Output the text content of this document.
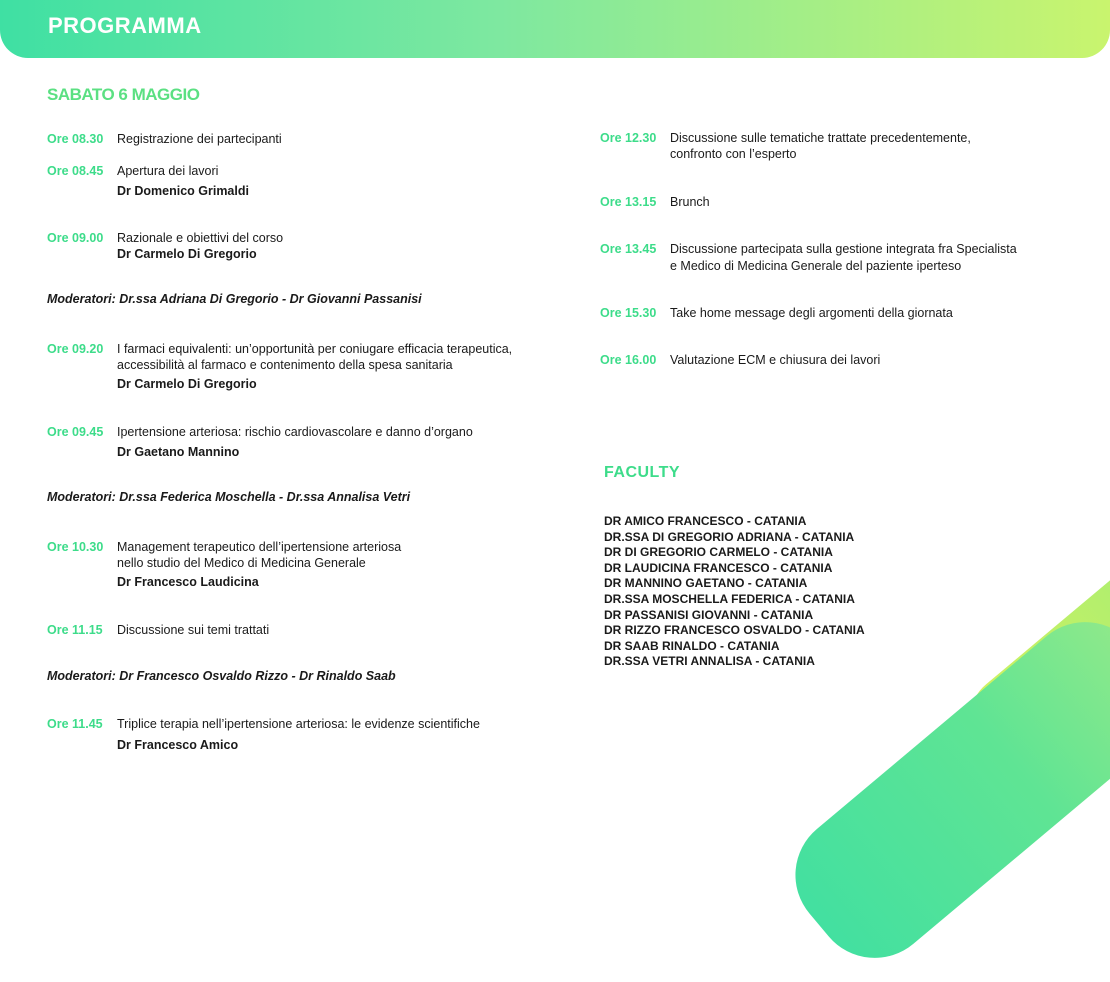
PROGRAMMA
SABATO 6 MAGGIO
Ore 08.30	Registrazione dei partecipanti
Ore 08.45	Apertura dei lavori
Dr Domenico Grimaldi
Ore 09.00	Razionale e obiettivi del corso
Dr Carmelo Di Gregorio
Moderatori: Dr.ssa Adriana Di Gregorio - Dr Giovanni Passanisi
Ore 09.20	I farmaci equivalenti: un’opportunità per coniugare efficacia terapeutica,
accessibilità al farmaco e contenimento della spesa sanitaria
Dr Carmelo Di Gregorio
Ore 09.45	Ipertensione arteriosa: rischio cardiovascolare e danno d’organo
Dr Gaetano Mannino
Moderatori: Dr.ssa Federica Moschella - Dr.ssa Annalisa Vetri
Ore 10.30	Management terapeutico dell’ipertensione arteriosa
nello studio del Medico di Medicina Generale
Dr Francesco Laudicina
Ore 11.15	Discussione sui temi trattati
Moderatori: Dr Francesco Osvaldo Rizzo - Dr Rinaldo Saab
Ore 11.45	Triplice terapia nell’ipertensione arteriosa: le evidenze scientifiche
Dr Francesco Amico
Ore 12.30	Discussione sulle tematiche trattate precedentemente,
confronto con l’esperto
Ore 13.15	Brunch
Ore 13.45	Discussione partecipata sulla gestione integrata fra Specialista
e Medico di Medicina Generale del paziente iperteso
Ore 15.30	Take home message degli argomenti della giornata
Ore 16.00	Valutazione ECM e chiusura dei lavori
FACULTY
DR AMICO FRANCESCO - CATANIA
DR.SSA DI GREGORIO ADRIANA - CATANIA
DR DI GREGORIO CARMELO - CATANIA
DR LAUDICINA FRANCESCO - CATANIA
DR MANNINO GAETANO - CATANIA
DR.SSA MOSCHELLA FEDERICA - CATANIA
DR PASSANISI GIOVANNI - CATANIA
DR RIZZO FRANCESCO OSVALDO - CATANIA
DR SAAB RINALDO - CATANIA
DR.SSA VETRI ANNALISA - CATANIA
